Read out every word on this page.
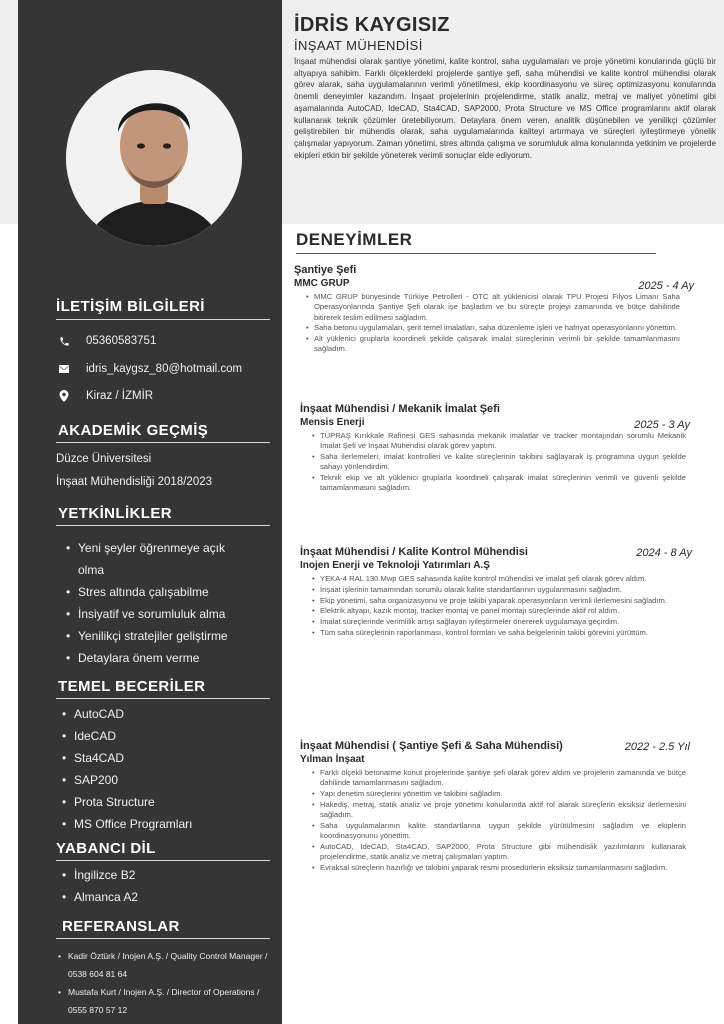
İLETİŞİM BİLGİLERİ
05360583751
idris_kaygsz_80@hotmail.com
Kiraz / İZMİR
AKADEMİK GEÇMİŞ
Düzce Üniversitesi
İnşaat Mühendisliği 2018/2023
YETKİNLİKLER
• Yeni şeyler öğrenmeye açık olma
• Stres altında çalışabilme
• İnsiyatif ve sorumluluk alma
• Yenilikçi stratejiler geliştirme
• Detaylara önem verme
TEMEL BECERİLER
• AutoCAD
• IdeCAD
• Sta4CAD
• SAP200
• Prota Structure
• MS Office Programları
YABANCI DİL
• İngilizce B2
• Almanca A2
REFERANSLAR
• Kadir Öztürk / Inojen A.Ş. / Quality Control Manager / 0538 604 81 64
• Mustafa Kurt / Inojen A.Ş. / Director of Operations / 0555 870 57 12
İDRİS KAYGISIZ
İNŞAAT MÜHENDİSİ

İnşaat mühendisi olarak şantiye yönetimi, kalite kontrol, saha uygulamaları ve proje yönetimi konularında güçlü bir altyapıya sahibim. Farklı ölçeklerdeki projelerde şantiye şefi, saha mühendisi ve kalite kontrol mühendisi olarak görev alarak, saha uygulamalarının verimli yönetilmesi, ekip koordinasyonu ve süreç optimizasyonu konularında önemli deneyimler kazandım. İnşaat projelerinin projelendirme, statik analiz, metraj ve maliyet yönetimi gibi aşamalarında AutoCAD, IdeCAD, Sta4CAD, SAP2000, Prota Structure ve MS Office programlarını aktif olarak kullanarak teknik çözümler üretebiliyorum. Detaylara önem veren, analitik düşünebilen ve yenilikçi çözümler geliştirebilen bir mühendis olarak, saha uygulamalarında kaliteyi artırmaya ve süreçleri iyileştirmeye yönelik çalışmalar yapıyorum. Zaman yönetimi, stres altında çalışma ve sorumluluk alma konularında yetkinim ve projelerde ekipleri etkin bir şekilde yöneterek verimli sonuçlar elde ediyorum.

DENEYİMLER
Şantiye Şefi
2025 - 4 Ay
MMC GRUP
• MMC GRUP bünyesinde Türkiye Petrolleri - OTC alt yüklenicisi olarak TPU Projesi Filyos Limanı Saha Operasyonlarında Şantiye Şefi olarak işe başladım ve bu süreçte projeyi zamanında ve bütçe dahilinde bitirerek teslim edilmesi sağladım.
• Saha betonu uygulamaları, şerit temel imalatları, saha düzenleme işleri ve hafriyat operasyonlarını yönettim.
• Alt yüklenici gruplarla koordineli şekilde çalışarak imalat süreçlerinin verimli bir şekilde tamamlanmasını sağladım.
İnşaat Mühendisi / Mekanik İmalat Şefi
2025 - 3 Ay
Mensis Enerji
• TÜPRAŞ Kırıkkale Rafinesi GES sahasında mekanik imalatlar ve tracker montajından sorumlu Mekanik İmalat Şefi ve İnşaat Mühendisi olarak görev yaptım.
• Saha ilerlemeleri, imalat kontrolleri ve kalite süreçlerinin takibini sağlayarak iş programına uygun şekilde sahayı yönlendirdim.
• Teknik ekip ve alt yüklenici gruplarla koordineli çalışarak imalat süreçlerinin verimli ve güvenli şekilde tamamlanmasını sağladım.
İnşaat Mühendisi / Kalite Kontrol Mühendisi	2024 - 8 Ay
Inojen Enerji ve Teknoloji Yatırımları A.Ş
• YEKA-4 RAL 130 Mwp GES sahasında kalite kontrol mühendisi ve imalat şefi olarak görev aldım.
• İnşaat işlerinin tamamından sorumlu olarak kalite standartlarının uygulanmasını sağladım.
• Ekip yönetimi, saha organizasyonu ve proje takibi yaparak operasyonların verimli ilerlemesini sağladım.
• Elektrik altyapı, kazık montaj, tracker montaj ve panel montajı süreçlerinde aktif rol aldım.
• İmalat süreçlerinde verimlilik artışı sağlayan iyileştirmeler önererek uygulamaya geçirdim.
• Tüm saha süreçlerinin raporlanması, kontrol formları ve saha belgelerinin takibi görevini yürüttüm.
İnşaat Mühendisi ( Şantiye Şefi & Saha Mühendisi)	2022 - 2.5 Yıl
Yılman İnşaat
• Farklı ölçekli betonarme konut projelerinde şantiye şefi olarak görev aldım ve projelerin zamanında ve bütçe dahilinde tamamlanmasını sağladım.
• Yapı denetim süreçlerini yönettim ve takibini sağladım.
• Hakediş, metraj, statik analiz ve proje yönetimi konularında aktif rol alarak süreçlerin eksiksiz ilerlemesini sağladım.
• Saha uygulamalarının kalite standartlarına uygun şekilde yürütülmesini sağladım ve ekiplerin koordinasyonunu yönettim.
• AutoCAD, IdeCAD, Sta4CAD, SAP2000, Prota Structure gibi mühendislik yazılımlarını kullanarak projelendirme, statik analiz ve metraj çalışmaları yaptım.
• Evraksal süreçlerin hazırlığı ve takibini yaparak resmi prosedürlerin eksiksiz tamamlanmasını sağladım.
